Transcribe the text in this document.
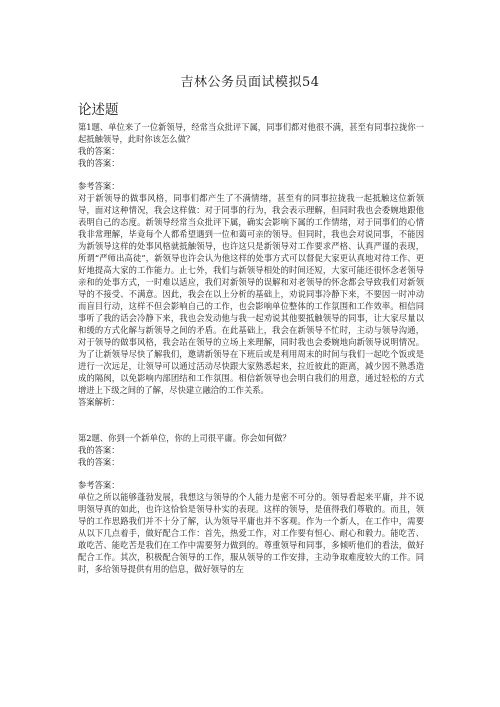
吉林公务员面试模拟54
论述题

第1题、单位来了一位新领导，经常当众批评下属，同事们都对他很不满，甚至有同事拉拢你一起抵触领导，此时你该怎么做？

我的答案：

我的答案：

参考答案：

对于新领导的做事风格，同事们都产生了不满情绪，甚至有的同事拉拢我一起抵触这位新领导，面对这种情况，我会这样做：对于同事的行为，我会表示理解，但同时我也会委婉地跟他表明自己的态度。新领导经常当众批评下属，确实会影响下属的工作情绪，对于同事们的心情我非常理解，毕竟每个人都希望遇到一位和蔼可亲的领导。但同时，我也会对说同事，不能因为新领导这样的处事风格就抵触领导，也许这只是新领导对工作要求严格、认真严谨的表现，所谓“严师出高徒”，新领导也许会认为他这样的处事方式可以督促大家更认真地对待工作、更好地提高大家的工作能力。止七外，我们与新领导相处的时间还短，大家可能还很怀念老领导亲和的处事方式，一时难以适应，我们对新领导的误解和对老领导的怀念都会导致我们对新领导的不接受、不满意。因此，我会在以上分析的基础上，劝说同事冷静下来，不要因一时冲动而盲目行动，这样不但会影响自己的工作，也会影响单位整体的工作氛围和工作效率。相信同事听了我的话会冷静下来，我也会发动他与我一起劝说其他要抵触领导的同事，让大家尽量以和缓的方式化解与新领导之间的矛盾。在此基础上，我会在新领导不忙时，主动与领导沟通，对于领导的做事风格，我会站在领导的立场上来理解，同时我也会委婉地向新领导说明情况。为了让新领导尽快了解我们，邀请新领导在下班后或是利用周末的时间与我们一起吃个饭或是进行一次远足，让领导可以通过活动尽快跟大家熟悉起来，拉近彼此的距离，减少因不熟悉造成的隔阂，以免影响内部团结和工作氛围。相信新领导也会明白我们的用意，通过轻松的方式增进上下级之间的了解，尽快建立融洽的工作关系。

答案解析：

第2题、你到一个新单位，你的上司很平庸。你会如何做？

我的答案：

我的答案：

参考答案：

单位之所以能够蓬勃发展，我想这与领导的个人能力是密不可分的。领导看起来平庸，并不说明领导真的如此，也许这恰恰是领导朴实的表现。这样的领导，是值得我们尊敬的。而且，领导的工作思路我们并不十分了解，认为领导平庸也并不客观。作为一个新人，在工作中，需要从以下几点着手，做好配合工作：首先，热爱工作，对工作要有恒心、耐心和毅力。能吃苦、敢吃苦、能吃苦是我们在工作中需要努力做到的。尊重领导和同事，多倾听他们的看法，做好配合工作。其次，积极配合领导的工作，服从领导的工作安排，主动争取难度较大的工作。同时，多给领导提供有用的信息，做好领导的左
